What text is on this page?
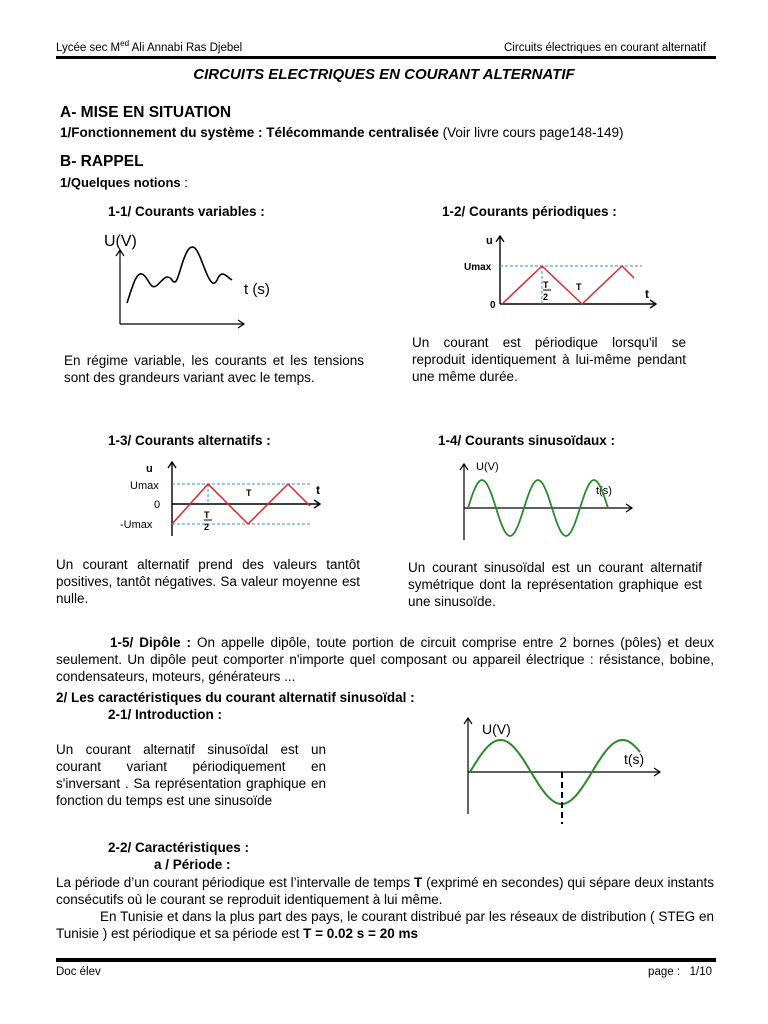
Lycée $\sec M^{ed}$ Ali Annabi Ras Djebel	Circuits électriques en courant alternatif
CIRCUITS ELECTRIQUES EN COURANT ALTERNATIF
A- MISE EN SITUATION
1/Fonctionnement du système : Télécommande centralisée (Voir livre cours page148-149)
B- RAPPEL
1/Quelques notions :
1-1/ Courants variables :
U(V)
t (s)
En régime variable, les courants et les tensions sont des grandeurs variant avec le temps.
1-2/ Courants périodiques :
u
Umax
0
t
T
2
T
Un courant est périodique lorsqu'il se reproduit identiquement à lui-même pendant une même durée.
1-3/ Courants alternatifs :
u
Umax
0
-Umax
t
T
2
T
Un courant alternatif prend des valeurs tantôt positives, tantôt négatives. Sa valeur moyenne est nulle.
1-4/ Courants sinusoïdaux :
U(V)
t(s)
Un courant sinusoïdal est un courant alternatif symétrique dont la représentation graphique est une sinusoïde.
1-5/ Dipôle : On appelle dipôle, toute portion de circuit comprise entre 2 bornes (pôles) et deux seulement. Un dipôle peut comporter n'importe quel composant ou appareil électrique : résistance, bobine, condensateurs, moteurs, générateurs ...
2/ Les caractéristiques du courant alternatif sinusoïdal :
2-1/ Introduction :
Un courant alternatif sinusoïdal est un courant variant périodiquement en s'inversant . Sa représentation graphique en fonction du temps est une sinusoïde
U(V)
t(s)
2-2/ Caractéristiques :
a / Période :
La période d’un courant périodique est l’intervalle de temps T (exprimé en secondes) qui sépare deux instants consécutifs où le courant se reproduit identiquement à lui même.
En Tunisie et dans la plus part des pays, le courant distribué par les réseaux de distribution ( STEG en Tunisie ) est périodique et sa période est T = 0.02 s = 20 ms
Doc élev	page :   1/10
